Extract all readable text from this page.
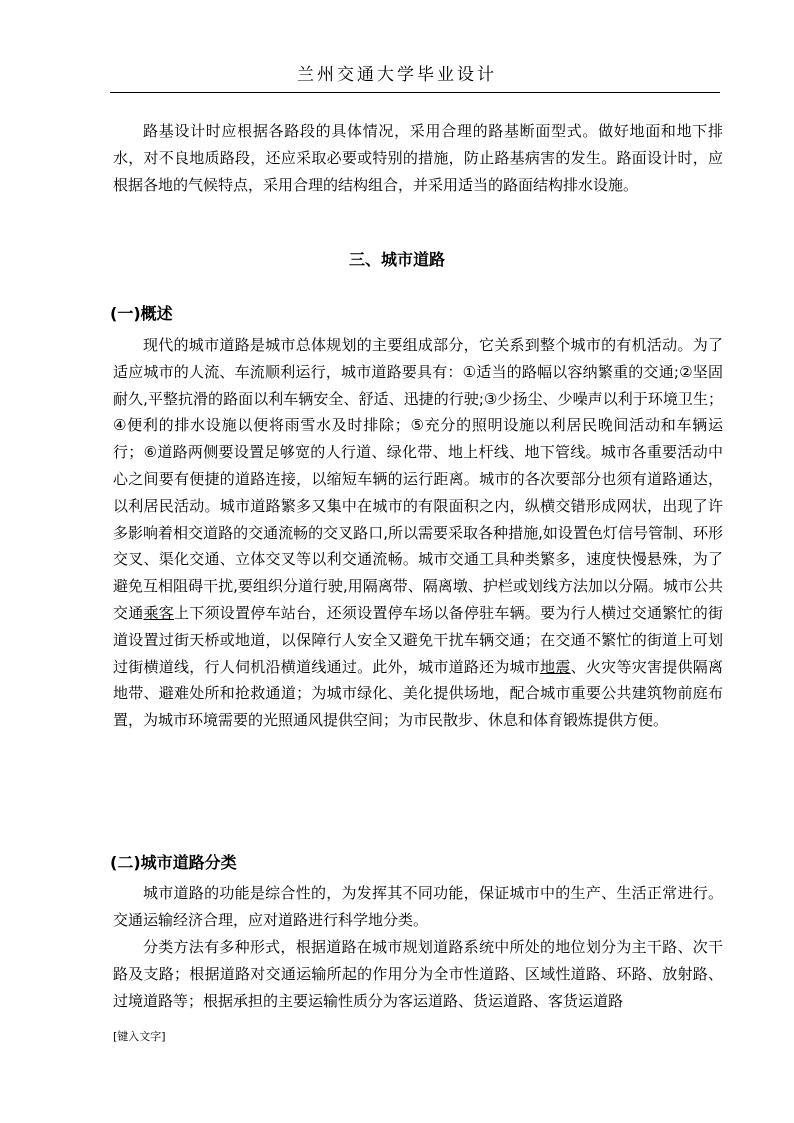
兰州交通大学毕业设计

路基设计时应根据各路段的具体情况，采用合理的路基断面型式。做好地面和地下排水，对不良地质路段，还应采取必要或特别的措施，防止路基病害的发生。路面设计时，应根据各地的气候特点，采用合理的结构组合，并采用适当的路面结构排水设施。

三、城市道路
(一)概述

现代的城市道路是城市总体规划的主要组成部分，它关系到整个城市的有机活动。为了适应城市的人流、车流顺利运行，城市道路要具有：①适当的路幅以容纳繁重的交通;②坚固耐久,平整抗滑的路面以利车辆安全、舒适、迅捷的行驶;③少扬尘、少噪声以利于环境卫生；④便利的排水设施以便将雨雪水及时排除；⑤充分的照明设施以利居民晚间活动和车辆运行；⑥道路两侧要设置足够宽的人行道、绿化带、地上杆线、地下管线。城市各重要活动中心之间要有便捷的道路连接，以缩短车辆的运行距离。城市的各次要部分也须有道路通达，以利居民活动。城市道路繁多又集中在城市的有限面积之内，纵横交错形成网状，出现了许多影响着相交道路的交通流畅的交叉路口,所以需要采取各种措施,如设置色灯信号管制、环形交叉、渠化交通、立体交叉等以利交通流畅。城市交通工具种类繁多，速度快慢悬殊，为了避免互相阻碍干扰,要组织分道行驶,用隔离带、隔离墩、护栏或划线方法加以分隔。城市公共交通乘客上下须设置停车站台，还须设置停车场以备停驻车辆。要为行人横过交通繁忙的街道设置过街天桥或地道，以保障行人安全又避免干扰车辆交通；在交通不繁忙的街道上可划过街横道线，行人伺机沿横道线通过。此外，城市道路还为城市地震、火灾等灾害提供隔离地带、避难处所和抢救通道；为城市绿化、美化提供场地，配合城市重要公共建筑物前庭布置，为城市环境需要的光照通风提供空间；为市民散步、休息和体育锻炼提供方便。

(二)城市道路分类

城市道路的功能是综合性的，为发挥其不同功能，保证城市中的生产、生活正常进行。交通运输经济合理，应对道路进行科学地分类。

分类方法有多种形式，根据道路在城市规划道路系统中所处的地位划分为主干路、次干路及支路；根据道路对交通运输所起的作用分为全市性道路、区域性道路、环路、放射路、过境道路等；根据承担的主要运输性质分为客运道路、货运道路、客货运道路

[键入文字]
